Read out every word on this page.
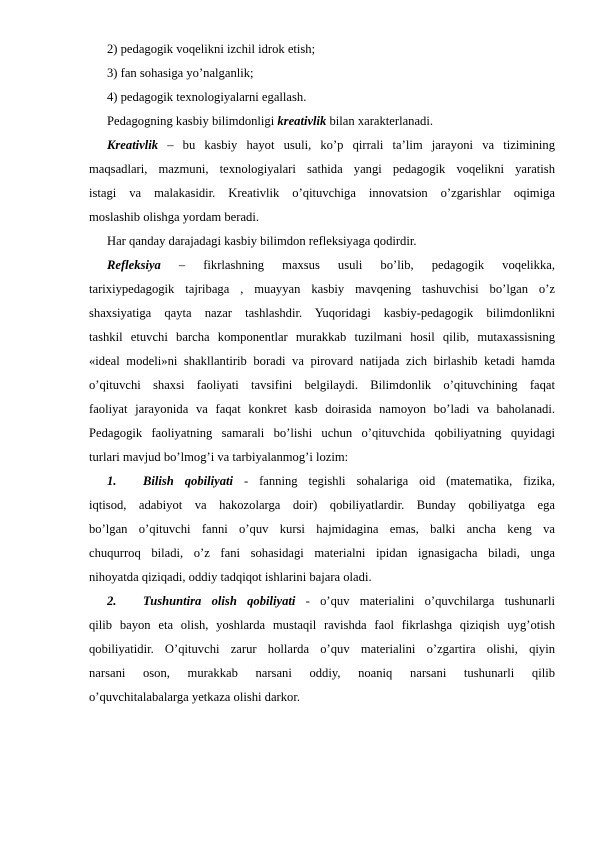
2) pedagogik voqelikni izchil idrok etish;
3) fan sohasiga yo’nalganlik;
4) pedagogik texnologiyalarni egallash.
Pedagogning kasbiy bilimdonligi kreativlik bilan xarakterlanadi.
Kreativlik – bu kasbiy hayot usuli, ko’p qirrali ta’lim jarayoni va tizimining
maqsadlari, mazmuni, texnologiyalari sathida yangi pedagogik voqelikni yaratish
istagi va malakasidir. Kreativlik o’qituvchiga innovatsion o’zgarishlar oqimiga
moslashib olishga yordam beradi.
Har qanday darajadagi kasbiy bilimdon refleksiyaga qodirdir.
Refleksiya – fikrlashning maxsus usuli bo’lib, pedagogik voqelikka,
tarixiypedagogik tajribaga , muayyan kasbiy mavqening tashuvchisi bo’lgan o’z
shaxsiyatiga qayta nazar tashlashdir. Yuqoridagi kasbiy-pedagogik bilimdonlikni
tashkil etuvchi barcha komponentlar murakkab tuzilmani hosil qilib, mutaxassisning
«ideal modeli»ni shakllantirib boradi va pirovard natijada zich birlashib ketadi hamda
o’qituvchi shaxsi faoliyati tavsifini belgilaydi. Bilimdonlik o’qituvchining faqat
faoliyat jarayonida va faqat konkret kasb doirasida namoyon bo’ladi va baholanadi.
Pedagogik faoliyatning samarali bo’lishi uchun o’qituvchida qobiliyatning quyidagi
turlari mavjud bo’lmog’i va tarbiyalanmog’i lozim:
1. Bilish qobiliyati - fanning tegishli sohalariga oid (matematika, fizika,
iqtisod, adabiyot va hakozolarga doir) qobiliyatlardir. Bunday qobiliyatga ega
bo’lgan o’qituvchi fanni o’quv kursi hajmidagina emas, balki ancha keng va
chuqurroq biladi, o’z fani sohasidagi materialni ipidan ignasigacha biladi, unga
nihoyatda qiziqadi, oddiy tadqiqot ishlarini bajara oladi.
2. Tushuntira olish qobiliyati - o’quv materialini o’quvchilarga tushunarli
qilib bayon eta olish, yoshlarda mustaqil ravishda faol fikrlashga qiziqish uyg’otish
qobiliyatidir. O’qituvchi zarur hollarda o’quv materialini o’zgartira olishi, qiyin
narsani oson, murakkab narsani oddiy, noaniq narsani tushunarli qilib
o’quvchitalabalarga yetkaza olishi darkor.
